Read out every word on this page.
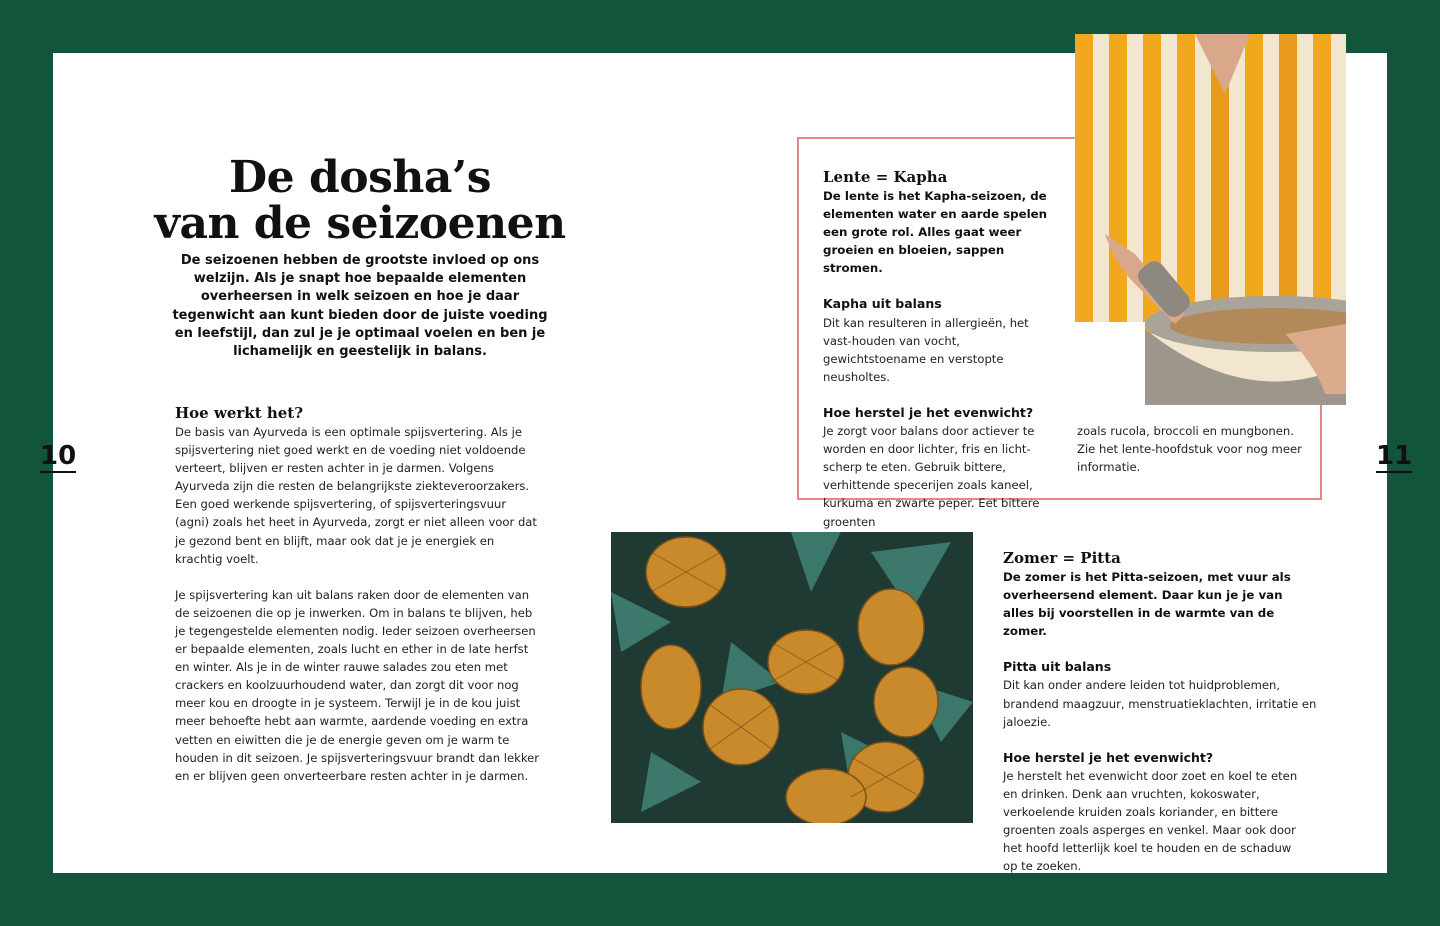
10	11
De dosha’s
van de seizoenen
De seizoenen hebben de grootste invloed op ons welzijn. Als je snapt hoe bepaalde elementen overheersen in welk seizoen en hoe je daar tegenwicht aan kunt bieden door de juiste voeding en leefstijl, dan zul je je optimaal voelen en ben je lichamelijk en geestelijk in balans.
Hoe werkt het?

De basis van Ayurveda is een optimale spijsvertering. Als je spijsvertering niet goed werkt en de voeding niet voldoende verteert, blijven er resten achter in je darmen. Volgens Ayurveda zijn die resten de belangrijkste ziekteveroorzakers. Een goed werkende spijsvertering, of spijsverteringsvuur (agni) zoals het heet in Ayurveda, zorgt er niet alleen voor dat je gezond bent en blijft, maar ook dat je je energiek en krachtig voelt.

Je spijsvertering kan uit balans raken door de elementen van de seizoenen die op je inwerken. Om in balans te blijven, heb je tegengestelde elementen nodig. Ieder seizoen overheersen er bepaalde elementen, zoals lucht en ether in de late herfst en winter. Als je in de winter rauwe salades zou eten met crackers en koolzuurhoudend water, dan zorgt dit voor nog meer kou en droogte in je systeem. Terwijl je in de kou juist meer behoefte hebt aan warmte, aardende voeding en extra vetten en eiwitten die je de energie geven om je warm te houden in dit seizoen. Je spijsverteringsvuur brandt dan lekker en er blijven geen onverteerbare resten achter in je darmen.

Lente = Kapha

De lente is het Kapha-seizoen, de elementen water en aarde spelen een grote rol. Alles gaat weer groeien en bloeien, sappen stromen.

Kapha uit balans

Dit kan resulteren in allergieën, het vast-houden van vocht, gewichtstoename en verstopte neusholtes.

Hoe herstel je het evenwicht?

Je zorgt voor balans door actiever te worden en door lichter, fris en licht-scherp te eten. Gebruik bittere, verhittende specerijen zoals kaneel, kurkuma en zwarte peper. Eet bittere groenten

zoals rucola, broccoli en mungbonen. Zie het lente-hoofdstuk voor nog meer informatie.

Zomer = Pitta

De zomer is het Pitta-seizoen, met vuur als overheersend element. Daar kun je je van alles bij voorstellen in de warmte van de zomer.

Pitta uit balans

Dit kan onder andere leiden tot huidproblemen, brandend maagzuur, menstruatieklachten, irritatie en jaloezie.

Hoe herstel je het evenwicht?

Je herstelt het evenwicht door zoet en koel te eten en drinken. Denk aan vruchten, kokoswater, verkoelende kruiden zoals koriander, en bittere groenten zoals asperges en venkel. Maar ook door het hoofd letterlijk koel te houden en de schaduw op te zoeken.
